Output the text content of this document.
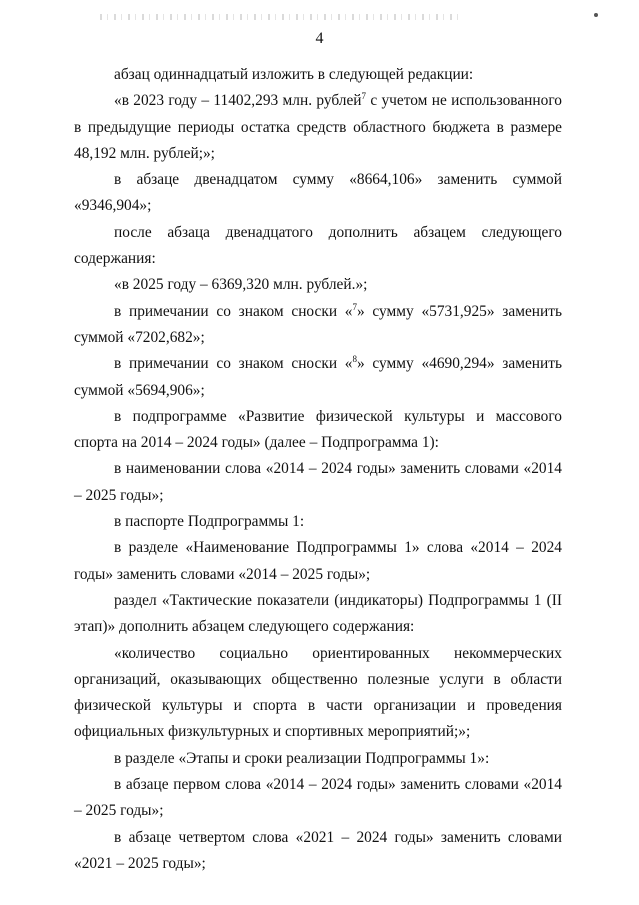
4

абзац одиннадцатый изложить в следующей редакции:

«в 2023 году – 11402,293 млн. рублей$^7$ с учетом не использованного в предыдущие периоды остатка средств областного бюджета в размере 48,192 млн. рублей;»;

в абзаце двенадцатом сумму «8664,106» заменить суммой «9346,904»;

после абзаца двенадцатого дополнить абзацем следующего содержания:

«в 2025 году – 6369,320 млн. рублей.»;

в примечании со знаком сноски «$^7$» сумму «5731,925» заменить суммой «7202,682»;

в примечании со знаком сноски «$^8$» сумму «4690,294» заменить суммой «5694,906»;

в подпрограмме «Развитие физической культуры и массового спорта на 2014 – 2024 годы» (далее – Подпрограмма 1):

в наименовании слова «2014 – 2024 годы» заменить словами «2014 – 2025 годы»;

в паспорте Подпрограммы 1:

в разделе «Наименование Подпрограммы 1» слова «2014 – 2024 годы» заменить словами «2014 – 2025 годы»;

раздел «Тактические показатели (индикаторы) Подпрограммы 1 (II этап)» дополнить абзацем следующего содержания:

«количество социально ориентированных некоммерческих организаций, оказывающих общественно полезные услуги в области физической культуры и спорта в части организации и проведения официальных физкультурных и спортивных мероприятий;»;

в разделе «Этапы и сроки реализации Подпрограммы 1»:

в абзаце первом слова «2014 – 2024 годы» заменить словами «2014 – 2025 годы»;

в абзаце четвертом слова «2021 – 2024 годы» заменить словами «2021 – 2025 годы»;
